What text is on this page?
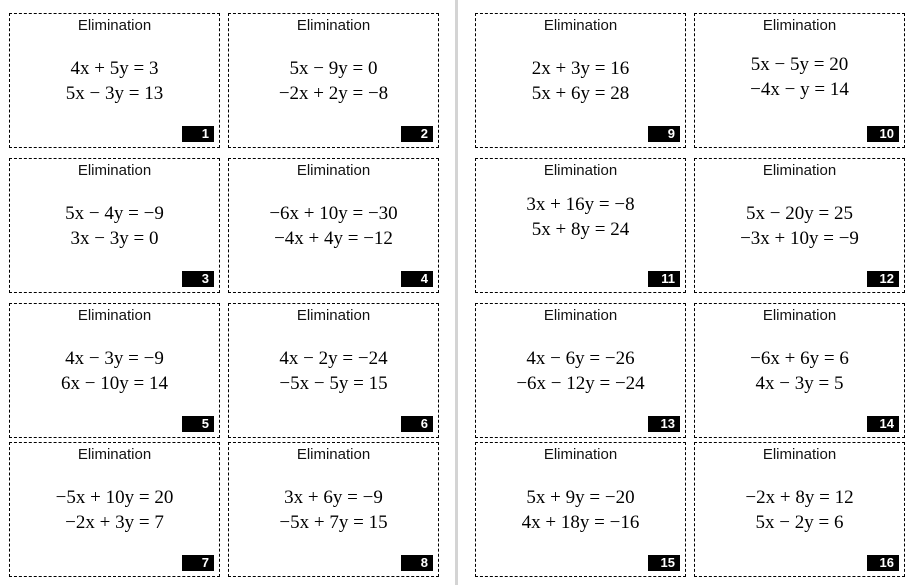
Elimination
4x + 5y = 3
5x − 3y = 13
1
Elimination
5x − 9y = 0
−2x + 2y = −8
2
Elimination
2x + 3y = 16
5x + 6y = 28
9
Elimination
5x − 5y = 20
−4x − y = 14
10
Elimination
5x − 4y = −9
3x − 3y = 0
3
Elimination
−6x + 10y = −30
−4x + 4y = −12
4
Elimination
3x + 16y = −8
5x + 8y = 24
11
Elimination
5x − 20y = 25
−3x + 10y = −9
12
Elimination
4x − 3y = −9
6x − 10y = 14
5
Elimination
4x − 2y = −24
−5x − 5y = 15
6
Elimination
4x − 6y = −26
−6x − 12y = −24
13
Elimination
−6x + 6y = 6
4x − 3y = 5
14
Elimination
−5x + 10y = 20
−2x + 3y = 7
7
Elimination
3x + 6y = −9
−5x + 7y = 15
8
Elimination
5x + 9y = −20
4x + 18y = −16
15
Elimination
−2x + 8y = 12
5x − 2y = 6
16
